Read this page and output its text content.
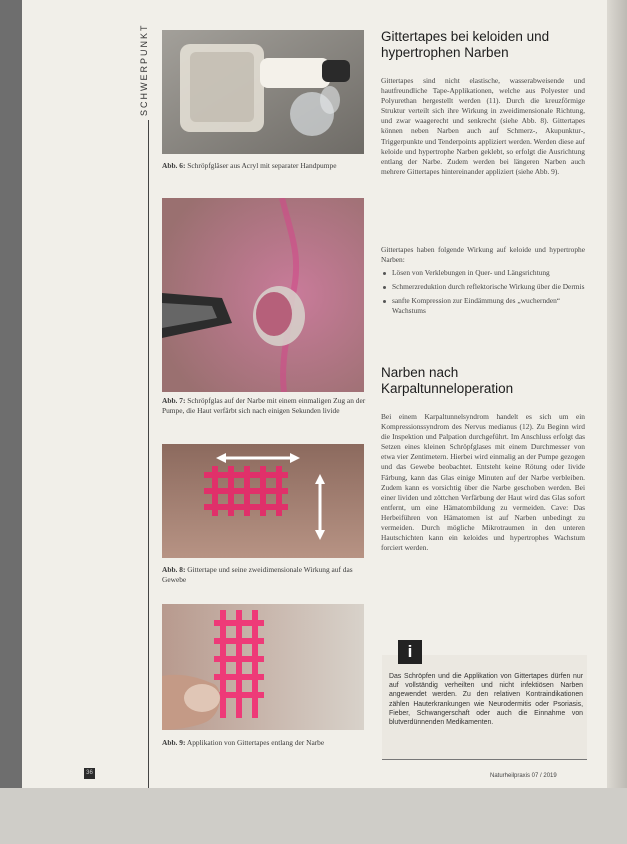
SCHWERPUNKT
Abb. 6: Schröpfgläser aus Acryl mit separater Handpumpe
Abb. 7: Schröpfglas auf der Narbe mit einem einmaligen Zug an der Pumpe, die Haut verfärbt sich nach einigen Sekunden livide
Abb. 8: Gittertape und seine zweidimensionale Wirkung auf das Gewebe
Abb. 9: Applikation von Gittertapes entlang der Narbe
Gittertapes bei keloiden und hypertrophen Narben
Gittertapes sind nicht elastische, wasserabweisende und hautfreundliche Tape-Applikationen, welche aus Polyester und Polyurethan hergestellt werden (11). Durch die kreuzförmige Struktur verteilt sich ihre Wirkung in zweidimensionale Richtung, und zwar waagerecht und senkrecht (siehe Abb. 8). Gittertapes können neben Narben auch auf Schmerz-, Akupunktur-, Triggerpunkte und Tenderpoints appliziert werden. Werden diese auf keloide und hypertrophe Narben geklebt, so erfolgt die Ausrichtung entlang der Narbe. Zudem werden bei längeren Narben auch mehrere Gittertapes hintereinander appliziert (siehe Abb. 9).
Gittertapes haben folgende Wirkung auf keloide und hypertrophe Narben:
Lösen von Verklebungen in Quer- und Längsrichtung
Schmerzreduktion durch reflektorische Wirkung über die Dermis
sanfte Kompression zur Eindämmung des „wuchernden“ Wachstums
Narben nach Karpaltunneloperation
Bei einem Karpaltunnelsyndrom handelt es sich um ein Kompressionssyndrom des Nervus medianus (12). Zu Beginn wird die Inspektion und Palpation durchgeführt. Im Anschluss erfolgt das Setzen eines kleinen Schröpfglases mit einem Durchmesser von etwa vier Zentimetern. Hierbei wird einmalig an der Pumpe gezogen und das Gewebe beobachtet. Entsteht keine Rötung oder livide Färbung, kann das Glas einige Minuten auf der Narbe verbleiben. Zudem kann es vorsichtig über die Narbe geschoben werden. Bei einer lividen und zöttchen Verfärbung der Haut wird das Glas sofort entfernt, um eine Hämatombildung zu vermeiden. Cave: Das Herbeiführen von Hämatomen ist auf Narben unbedingt zu vermeiden. Durch mögliche Mikrotraumen in den unteren Hautschichten kann ein keloides und hypertrophes Wachstum forciert werden.
i
Das Schröpfen und die Applikation von Gittertapes dürfen nur auf vollständig verheilten und nicht infektiösen Narben angewendet werden. Zu den relativen Kontraindikationen zählen Hauterkrankungen wie Neurodermitis oder Psoriasis, Fieber, Schwangerschaft oder auch die Einnahme von blutverdünnenden Medikamenten.
36	Naturheilpraxis 07 / 2019
